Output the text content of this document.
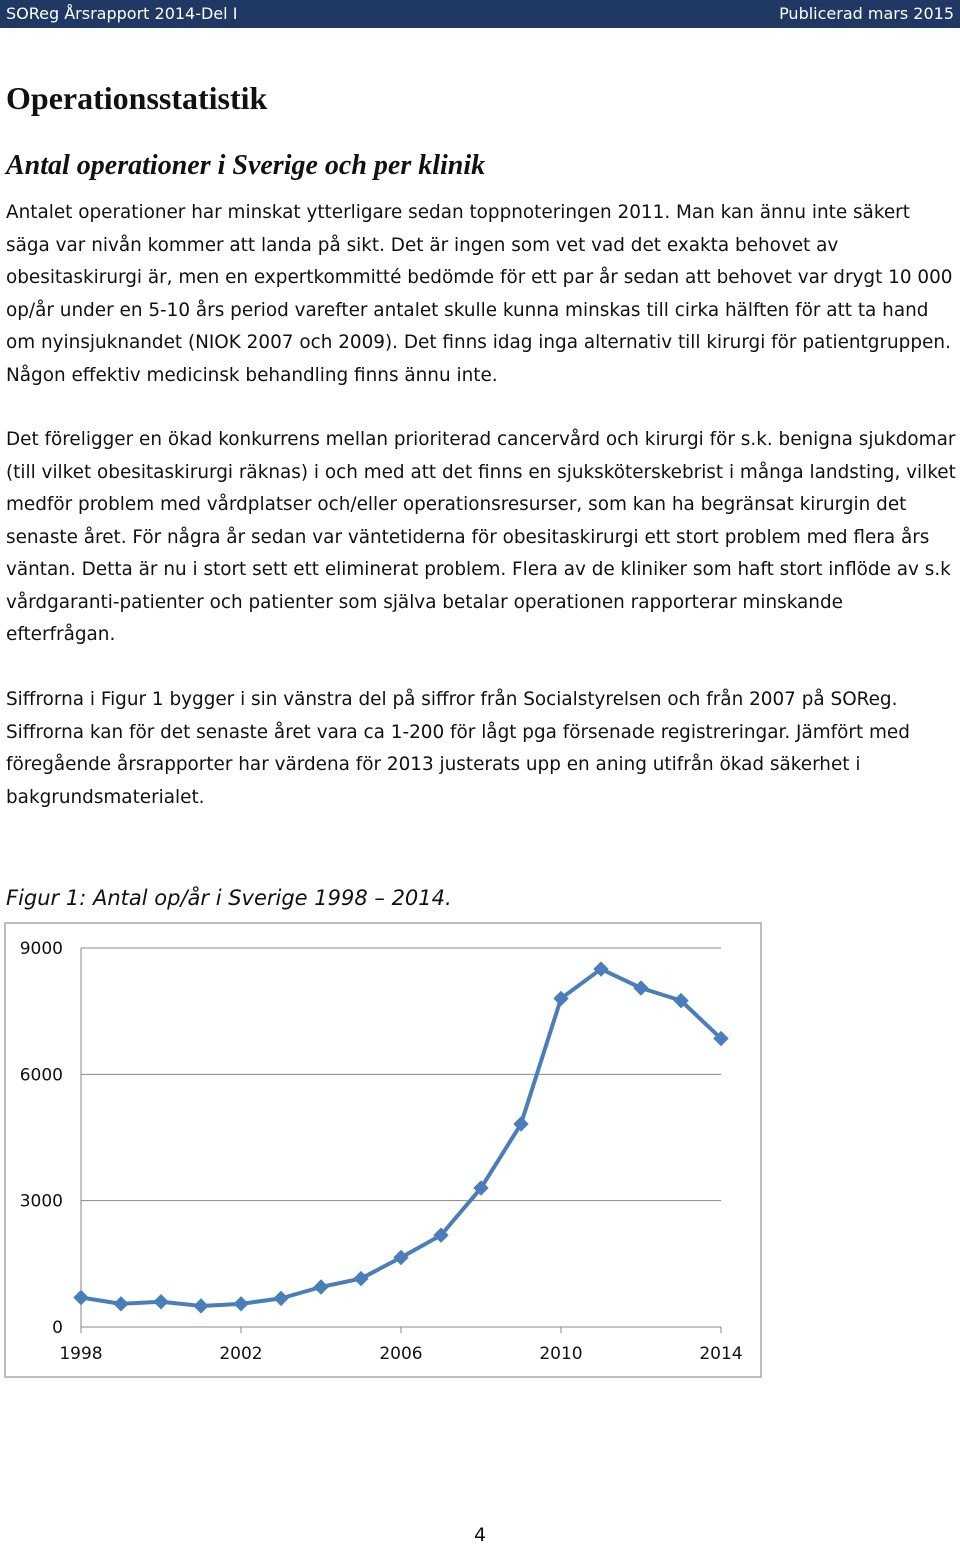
SOReg Årsrapport 2014-Del I	Publicerad mars 2015
Operationsstatistik
Antal operationer i Sverige och per klinik

Antalet operationer har minskat ytterligare sedan toppnoteringen 2011. Man kan ännu inte säkert säga var nivån kommer att landa på sikt. Det är ingen som vet vad det exakta behovet av obesitaskirurgi är, men en expertkommitté bedömde för ett par år sedan att behovet var drygt 10 000 op/år under en 5-10 års period varefter antalet skulle kunna minskas till cirka hälften för att ta hand om nyinsjuknandet (NIOK 2007 och 2009). Det finns idag inga alternativ till kirurgi för patientgruppen. Någon effektiv medicinsk behandling finns ännu inte.

Det föreligger en ökad konkurrens mellan prioriterad cancervård och kirurgi för s.k. benigna sjukdomar (till vilket obesitaskirurgi räknas) i och med att det finns en sjuksköterskebrist i många landsting, vilket medför problem med vårdplatser och/eller operationsresurser, som kan ha begränsat kirurgin det senaste året. För några år sedan var väntetiderna för obesitaskirurgi ett stort problem med flera års väntan. Detta är nu i stort sett ett eliminerat problem. Flera av de kliniker som haft stort inflöde av s.k vårdgaranti-patienter och patienter som själva betalar operationen rapporterar minskande efterfrågan.

Siffrorna i Figur 1 bygger i sin vänstra del på siffror från Socialstyrelsen och från 2007 på SOReg. Siffrorna kan för det senaste året vara ca 1-200 för lågt pga försenade registreringar. Jämfört med föregående årsrapporter har värdena för 2013 justerats upp en aning utifrån ökad säkerhet i bakgrundsmaterialet.

Figur 1: Antal op/år i Sverige 1998 – 2014.

0
3000
6000
9000
1998	2002	2006	2010	2014
4
